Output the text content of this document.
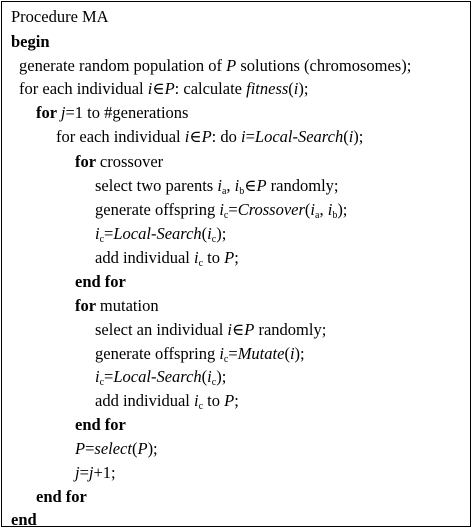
Procedure MA
begin
generate random population of P solutions (chromosomes);
for each individual i∈P: calculate fitness(i);
for j=1 to #generations
for each individual i∈P: do i=Local-Search(i);
for crossover
select two parents $i_a$, $i_b\in P$ randomly;
generate offspring $i_c=Crossover(i_a$, $i_b$);
$i_c=Local-Search(i_c)$;
add individual $i_c$ to P;
end for
for mutation
select an individual i∈P randomly;
generate offspring $i_c=Mutate(i)$;
$i_c=Local-Search(i_c)$;
add individual $i_c$ to P;
end for
P=select(P);
j=j+1;
end for
end
